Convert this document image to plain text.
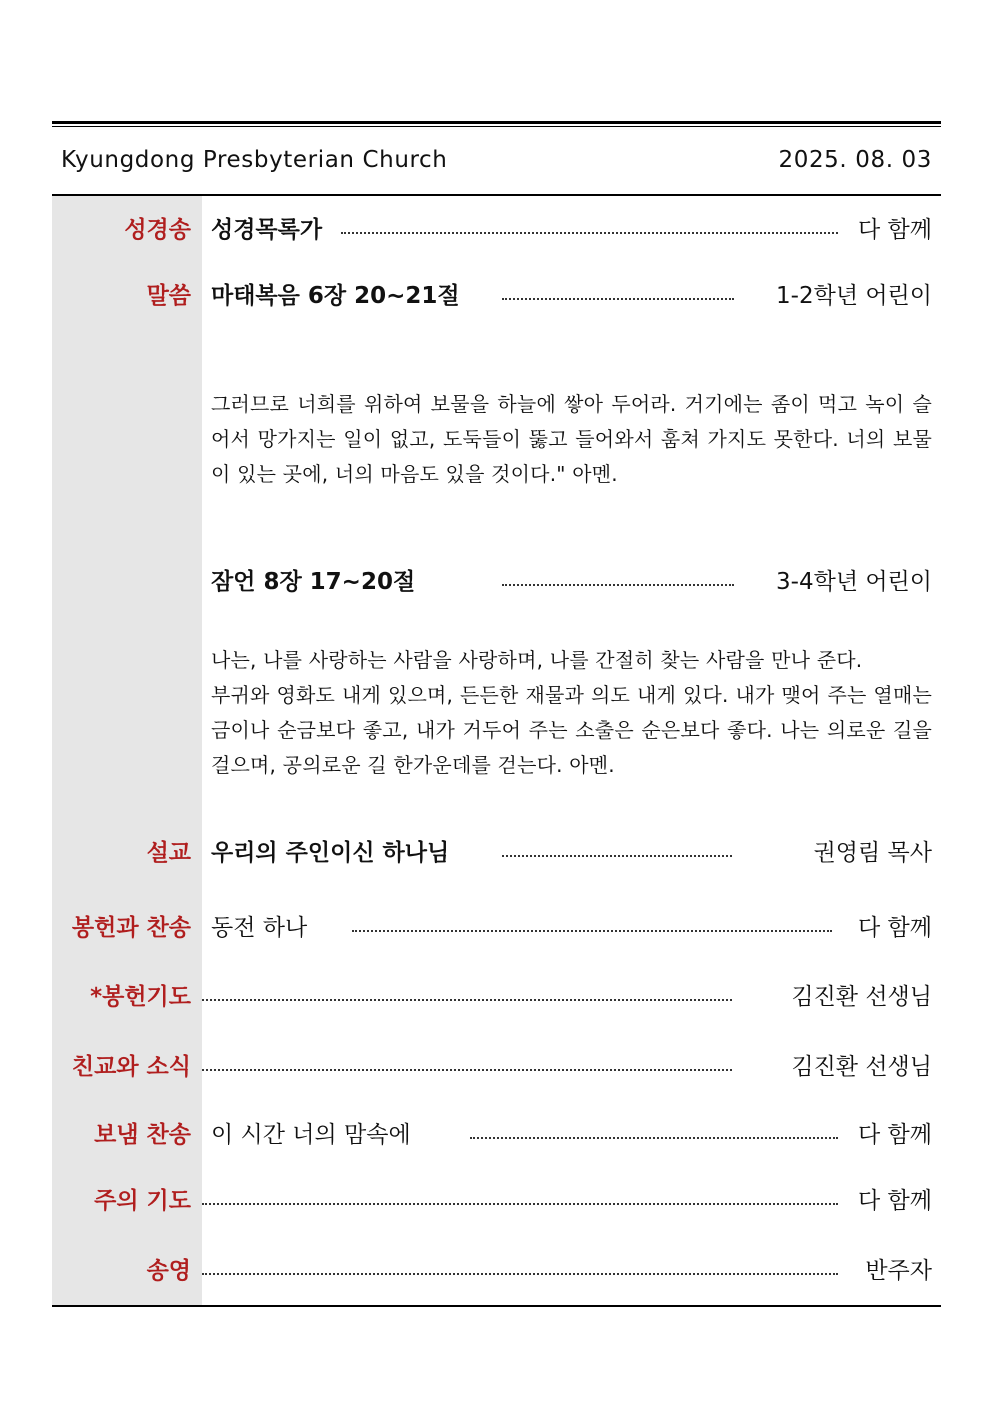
Kyungdong Presbyterian Church	2025. 08. 03
성경송 성경목록가	다 함께
말씀 마태복음 6장 20~21절	1-2학년 어린이
그러므로 너희를 위하여 보물을 하늘에 쌓아 두어라. 거기에는 좀이 먹고 녹이 슬어서 망가지는 일이 없고, 도둑들이 뚫고 들어와서 훔쳐 가지도 못한다. 너의 보물이 있는 곳에, 너의 마음도 있을 것이다." 아멘.
잠언 8장 17~20절	3-4학년 어린이
나는, 나를 사랑하는 사람을 사랑하며, 나를 간절히 찾는 사람을 만나 준다.
부귀와 영화도 내게 있으며, 든든한 재물과 의도 내게 있다. 내가 맺어 주는 열매는 금이나 순금보다 좋고, 내가 거두어 주는 소출은 순은보다 좋다. 나는 의로운 길을 걸으며, 공의로운 길 한가운데를 걷는다. 아멘.
설교 우리의 주인이신 하나님	권영림 목사
봉헌과 찬송 동전 하나	다 함께
*봉헌기도	김진환 선생님
친교와 소식	김진환 선생님
보냄 찬송 이 시간 너의 맘속에	다 함께
주의 기도	다 함께
송영	반주자
